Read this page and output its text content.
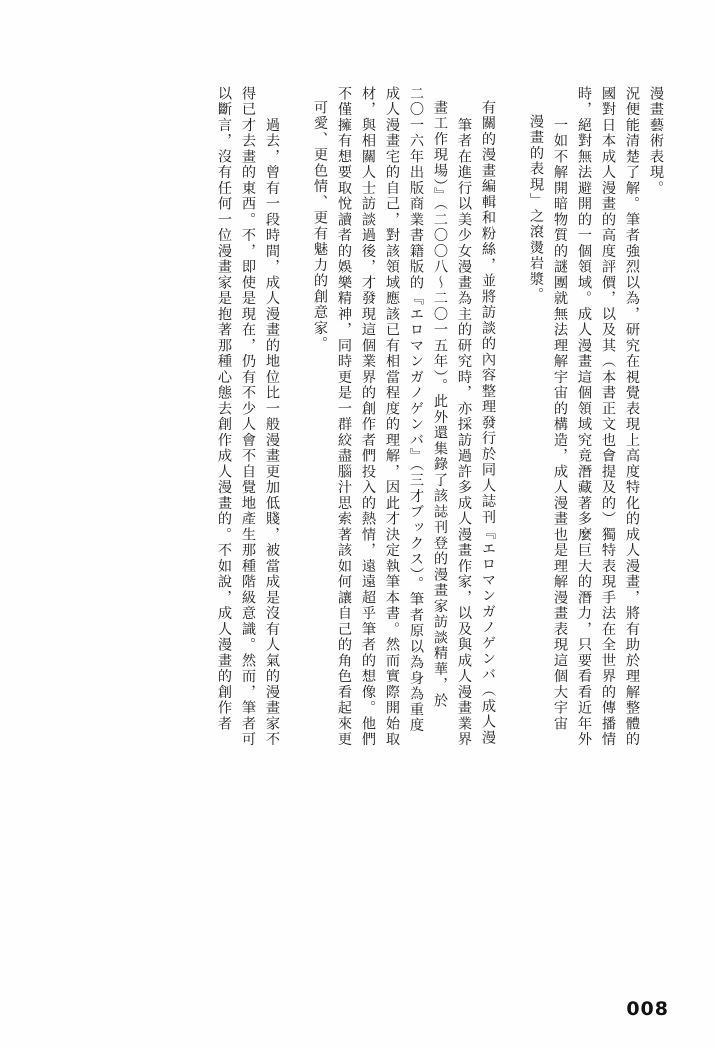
漫畫藝術表現。
況便能清楚了解。筆者強烈以為，研究在視覺表現上高度特化的成人漫畫，將有助於理解整體的
國對日本成人漫畫的高度評價，以及其（本書正文也會提及的）獨特表現手法在全世界的傳播情
時，絕對無法避開的一個領域。成人漫畫這個領域究竟潛藏著多麼巨大的潛力，只要看看近年外
　　一如不解開暗物質的謎團就無法理解宇宙的構造，成人漫畫也是理解漫畫表現這個大宇宙
漫畫的表現」之滾燙岩漿。
有關的漫畫編輯和粉絲，並將訪談的內容整理發行於同人誌刊『エロマンガノゲンバ（成人漫
　　筆者在進行以美少女漫畫為主的研究時，亦採訪過許多成人漫畫作家，以及與成人漫畫業界
畫工作現場）』（二〇〇八～二〇一五年）。此外還集錄了該誌刊登的漫畫家訪談精華，於
二〇一六年出版商業書籍版的『エロマンガノゲンバ』（三才ブックス）。筆者原以為身為重度
成人漫畫宅的自己，對該領域應該已有相當程度的理解，因此才決定執筆本書。然而實際開始取
材，與相關人士訪談過後，才發現這個業界的創作者們投入的熱情，遠遠超乎筆者的想像。他們
不僅擁有想要取悅讀者的娛樂精神，同時更是一群絞盡腦汁思索著該如何讓自己的角色看起來更
可愛、更色情、更有魅力的創意家。
　　過去，曾有一段時間，成人漫畫的地位比一般漫畫更加低賤，被當成是沒有人氣的漫畫家不
得已才去畫的東西。不，即使是現在，仍有不少人會不自覺地產生那種階級意識。然而，筆者可
以斷言，沒有任何一位漫畫家是抱著那種心態去創作成人漫畫的。不如說，成人漫畫的創作者
008
